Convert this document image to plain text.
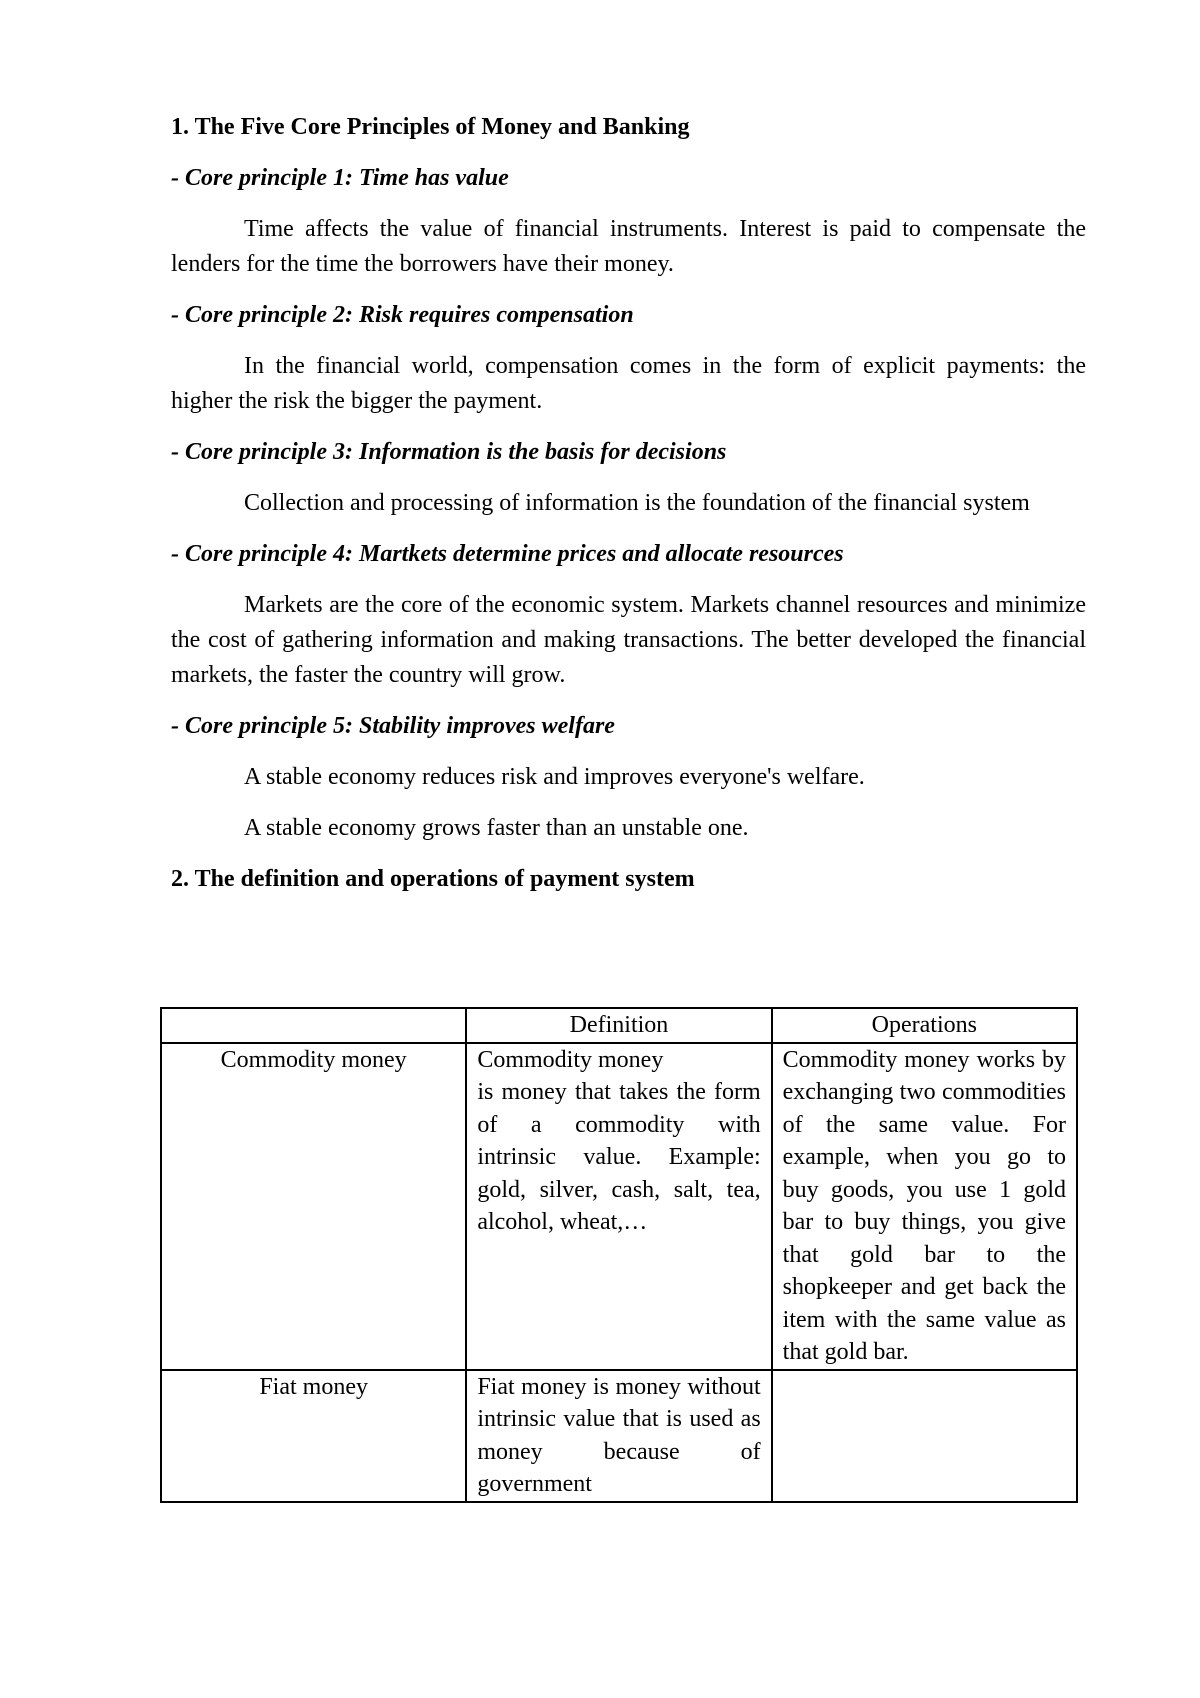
1. The Five Core Principles of Money and Banking
- Core principle 1: Time has value
Time affects the value of financial instruments. Interest is paid to compensate the lenders for the time the borrowers have their money.
- Core principle 2: Risk requires compensation
In the financial world, compensation comes in the form of explicit payments: the higher the risk the bigger the payment.
- Core principle 3: Information is the basis for decisions
Collection and processing of information is the foundation of the financial system
- Core principle 4: Martkets determine prices and allocate resources
Markets are the core of the economic system. Markets channel resources and minimize the cost of gathering information and making transactions. The better developed the financial markets, the faster the country will grow.
- Core principle 5: Stability improves welfare
A stable economy reduces risk and improves everyone's welfare.
A stable economy grows faster than an unstable one.
2. The definition and operations of payment system
	Definition	Operations
Commodity money	Commodity money
is money that takes the form of a commodity with intrinsic value. Example: gold, silver, cash, salt, tea, alcohol, wheat,…	Commodity money works by exchanging two commodities of the same value. For example, when you go to buy goods, you use 1 gold bar to buy things, you give that gold bar to the shopkeeper and get back the item with the same value as that gold bar.
Fiat money	Fiat money is money without intrinsic value that is used as money because of government	
